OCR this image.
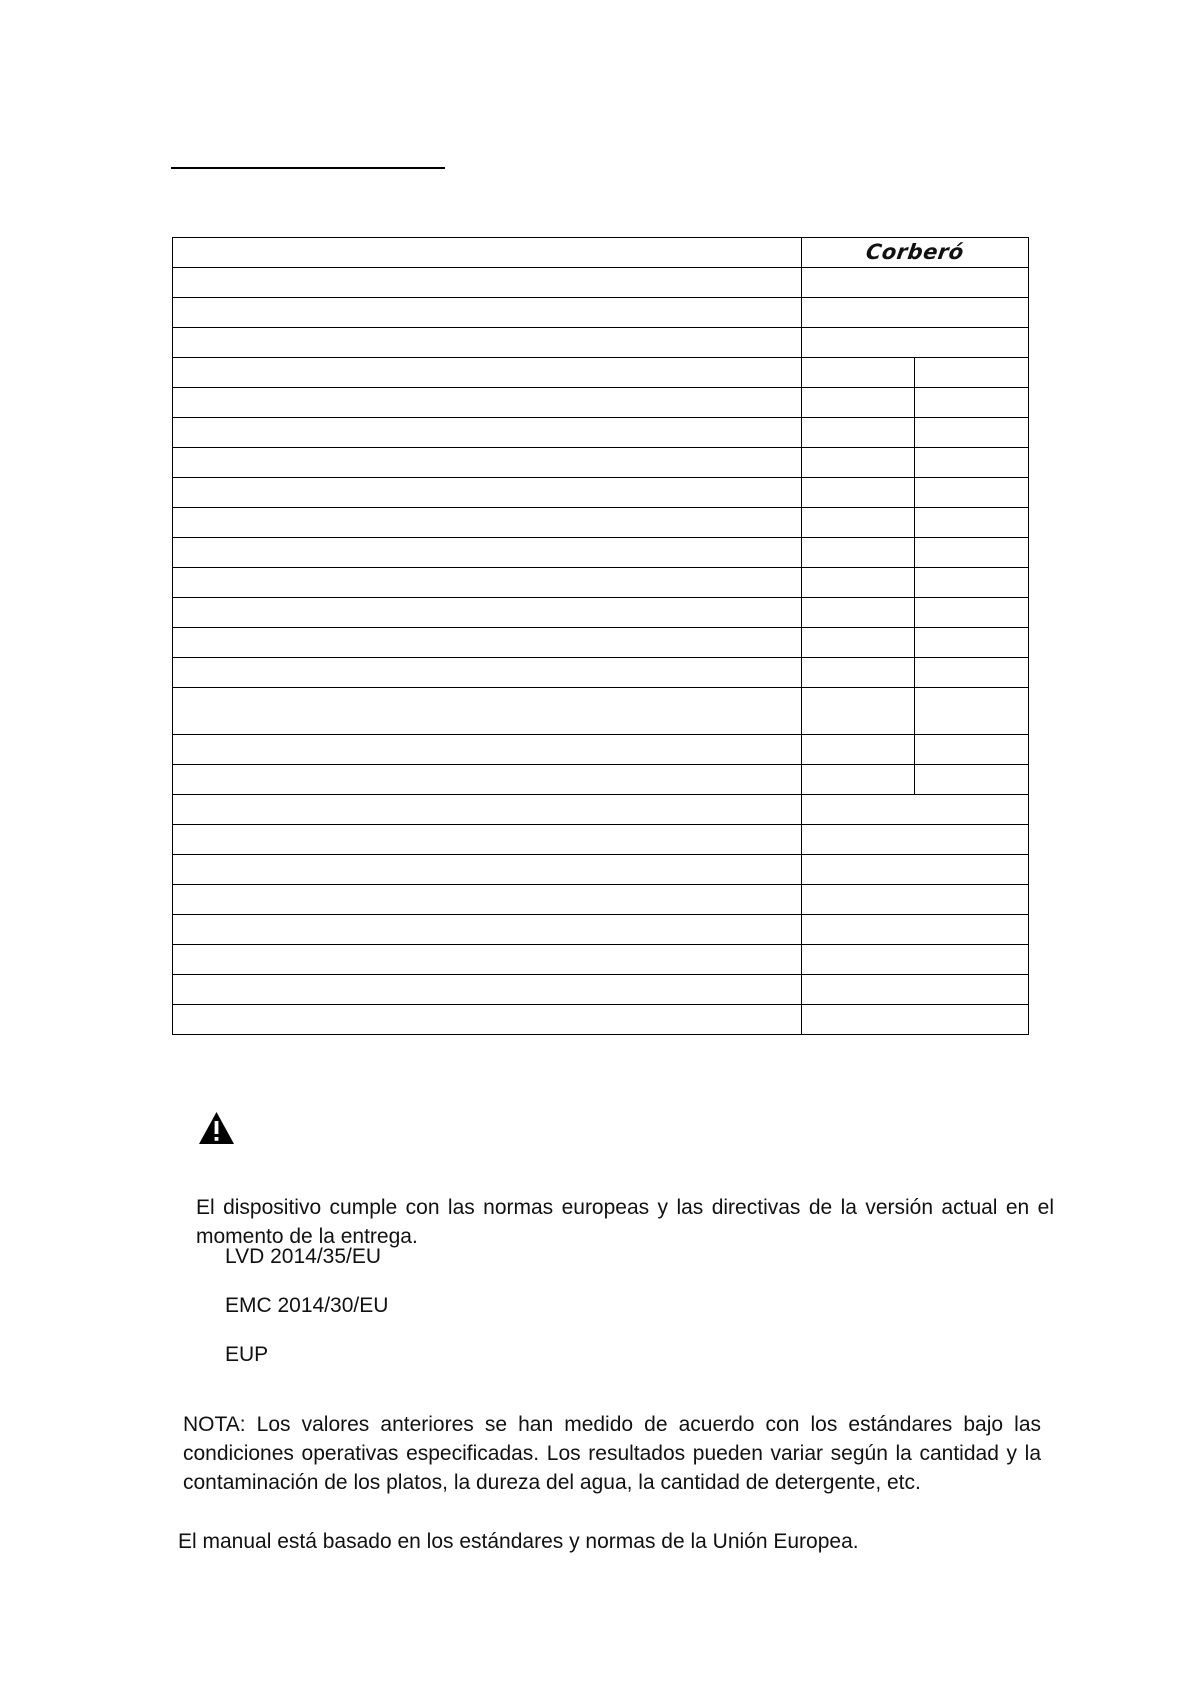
	Corberó	

El dispositivo cumple con las normas europeas y las directivas de la versión actual en el momento de la entrega.
LVD 2014/35/EU
EMC 2014/30/EU
EUP
NOTA: Los valores anteriores se han medido de acuerdo con los estándares bajo las condiciones operativas especificadas. Los resultados pueden variar según la cantidad y la contaminación de los platos, la dureza del agua, la cantidad de detergente, etc.
El manual está basado en los estándares y normas de la Unión Europea.
